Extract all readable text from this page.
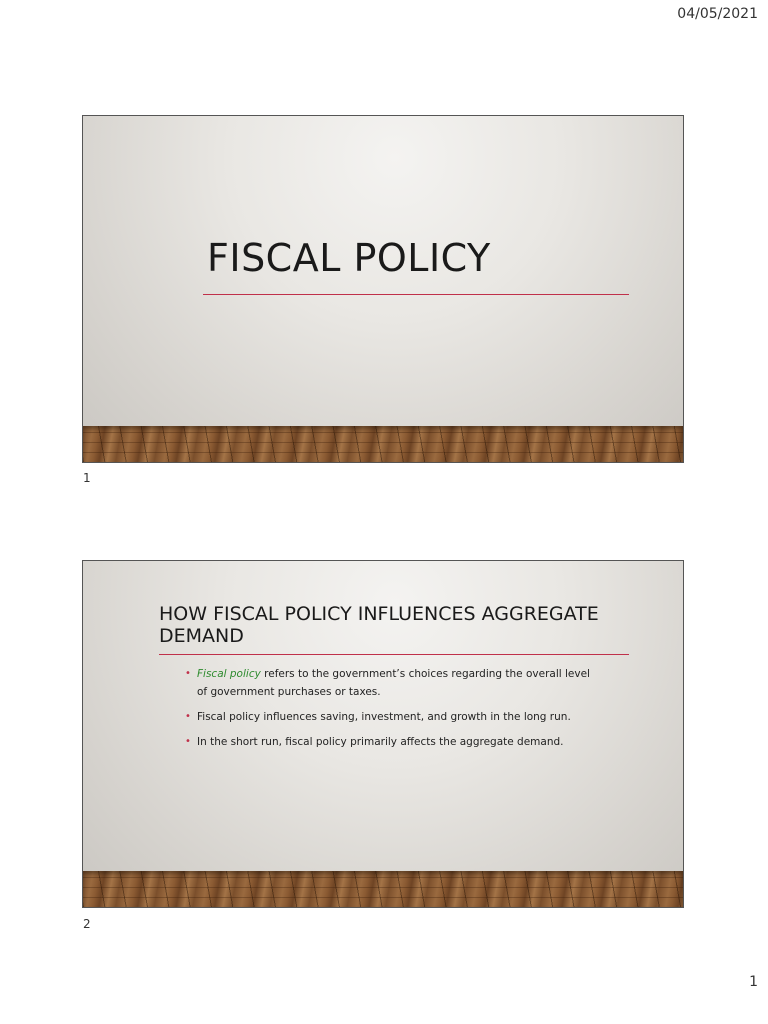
04/05/2021
FISCAL POLICY
1
HOW FISCAL POLICY INFLUENCES AGGREGATE DEMAND
• Fiscal policy refers to the government’s choices regarding the overall level of government purchases or taxes.
• Fiscal policy influences saving, investment, and growth in the long run.
• In the short run, fiscal policy primarily affects the aggregate demand.
2
1
